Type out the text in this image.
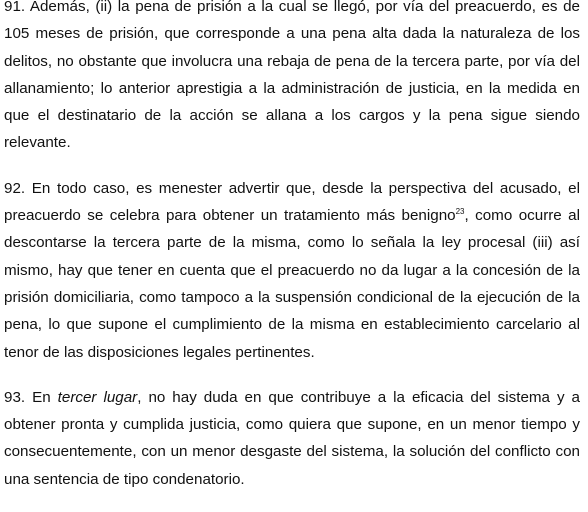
91. Además, (ii) la pena de prisión a la cual se llegó, por vía del preacuerdo, es de 105 meses de prisión, que corresponde a una pena alta dada la naturaleza de los delitos, no obstante que involucra una rebaja de pena de la tercera parte, por vía del allanamiento; lo anterior aprestigia a la administración de justicia, en la medida en que el destinatario de la acción se allana a los cargos y la pena sigue siendo relevante.

92. En todo caso, es menester advertir que, desde la perspectiva del acusado, el preacuerdo se celebra para obtener un tratamiento más benigno$^{23}$, como ocurre al descontarse la tercera parte de la misma, como lo señala la ley procesal (iii) así mismo, hay que tener en cuenta que el preacuerdo no da lugar a la concesión de la prisión domiciliaria, como tampoco a la suspensión condicional de la ejecución de la pena, lo que supone el cumplimiento de la misma en establecimiento carcelario al tenor de las disposiciones legales pertinentes.

93. En tercer lugar, no hay duda en que contribuye a la eficacia del sistema y a obtener pronta y cumplida justicia, como quiera que supone, en un menor tiempo y consecuentemente, con un menor desgaste del sistema, la solución del conflicto con una sentencia de tipo condenatorio.
